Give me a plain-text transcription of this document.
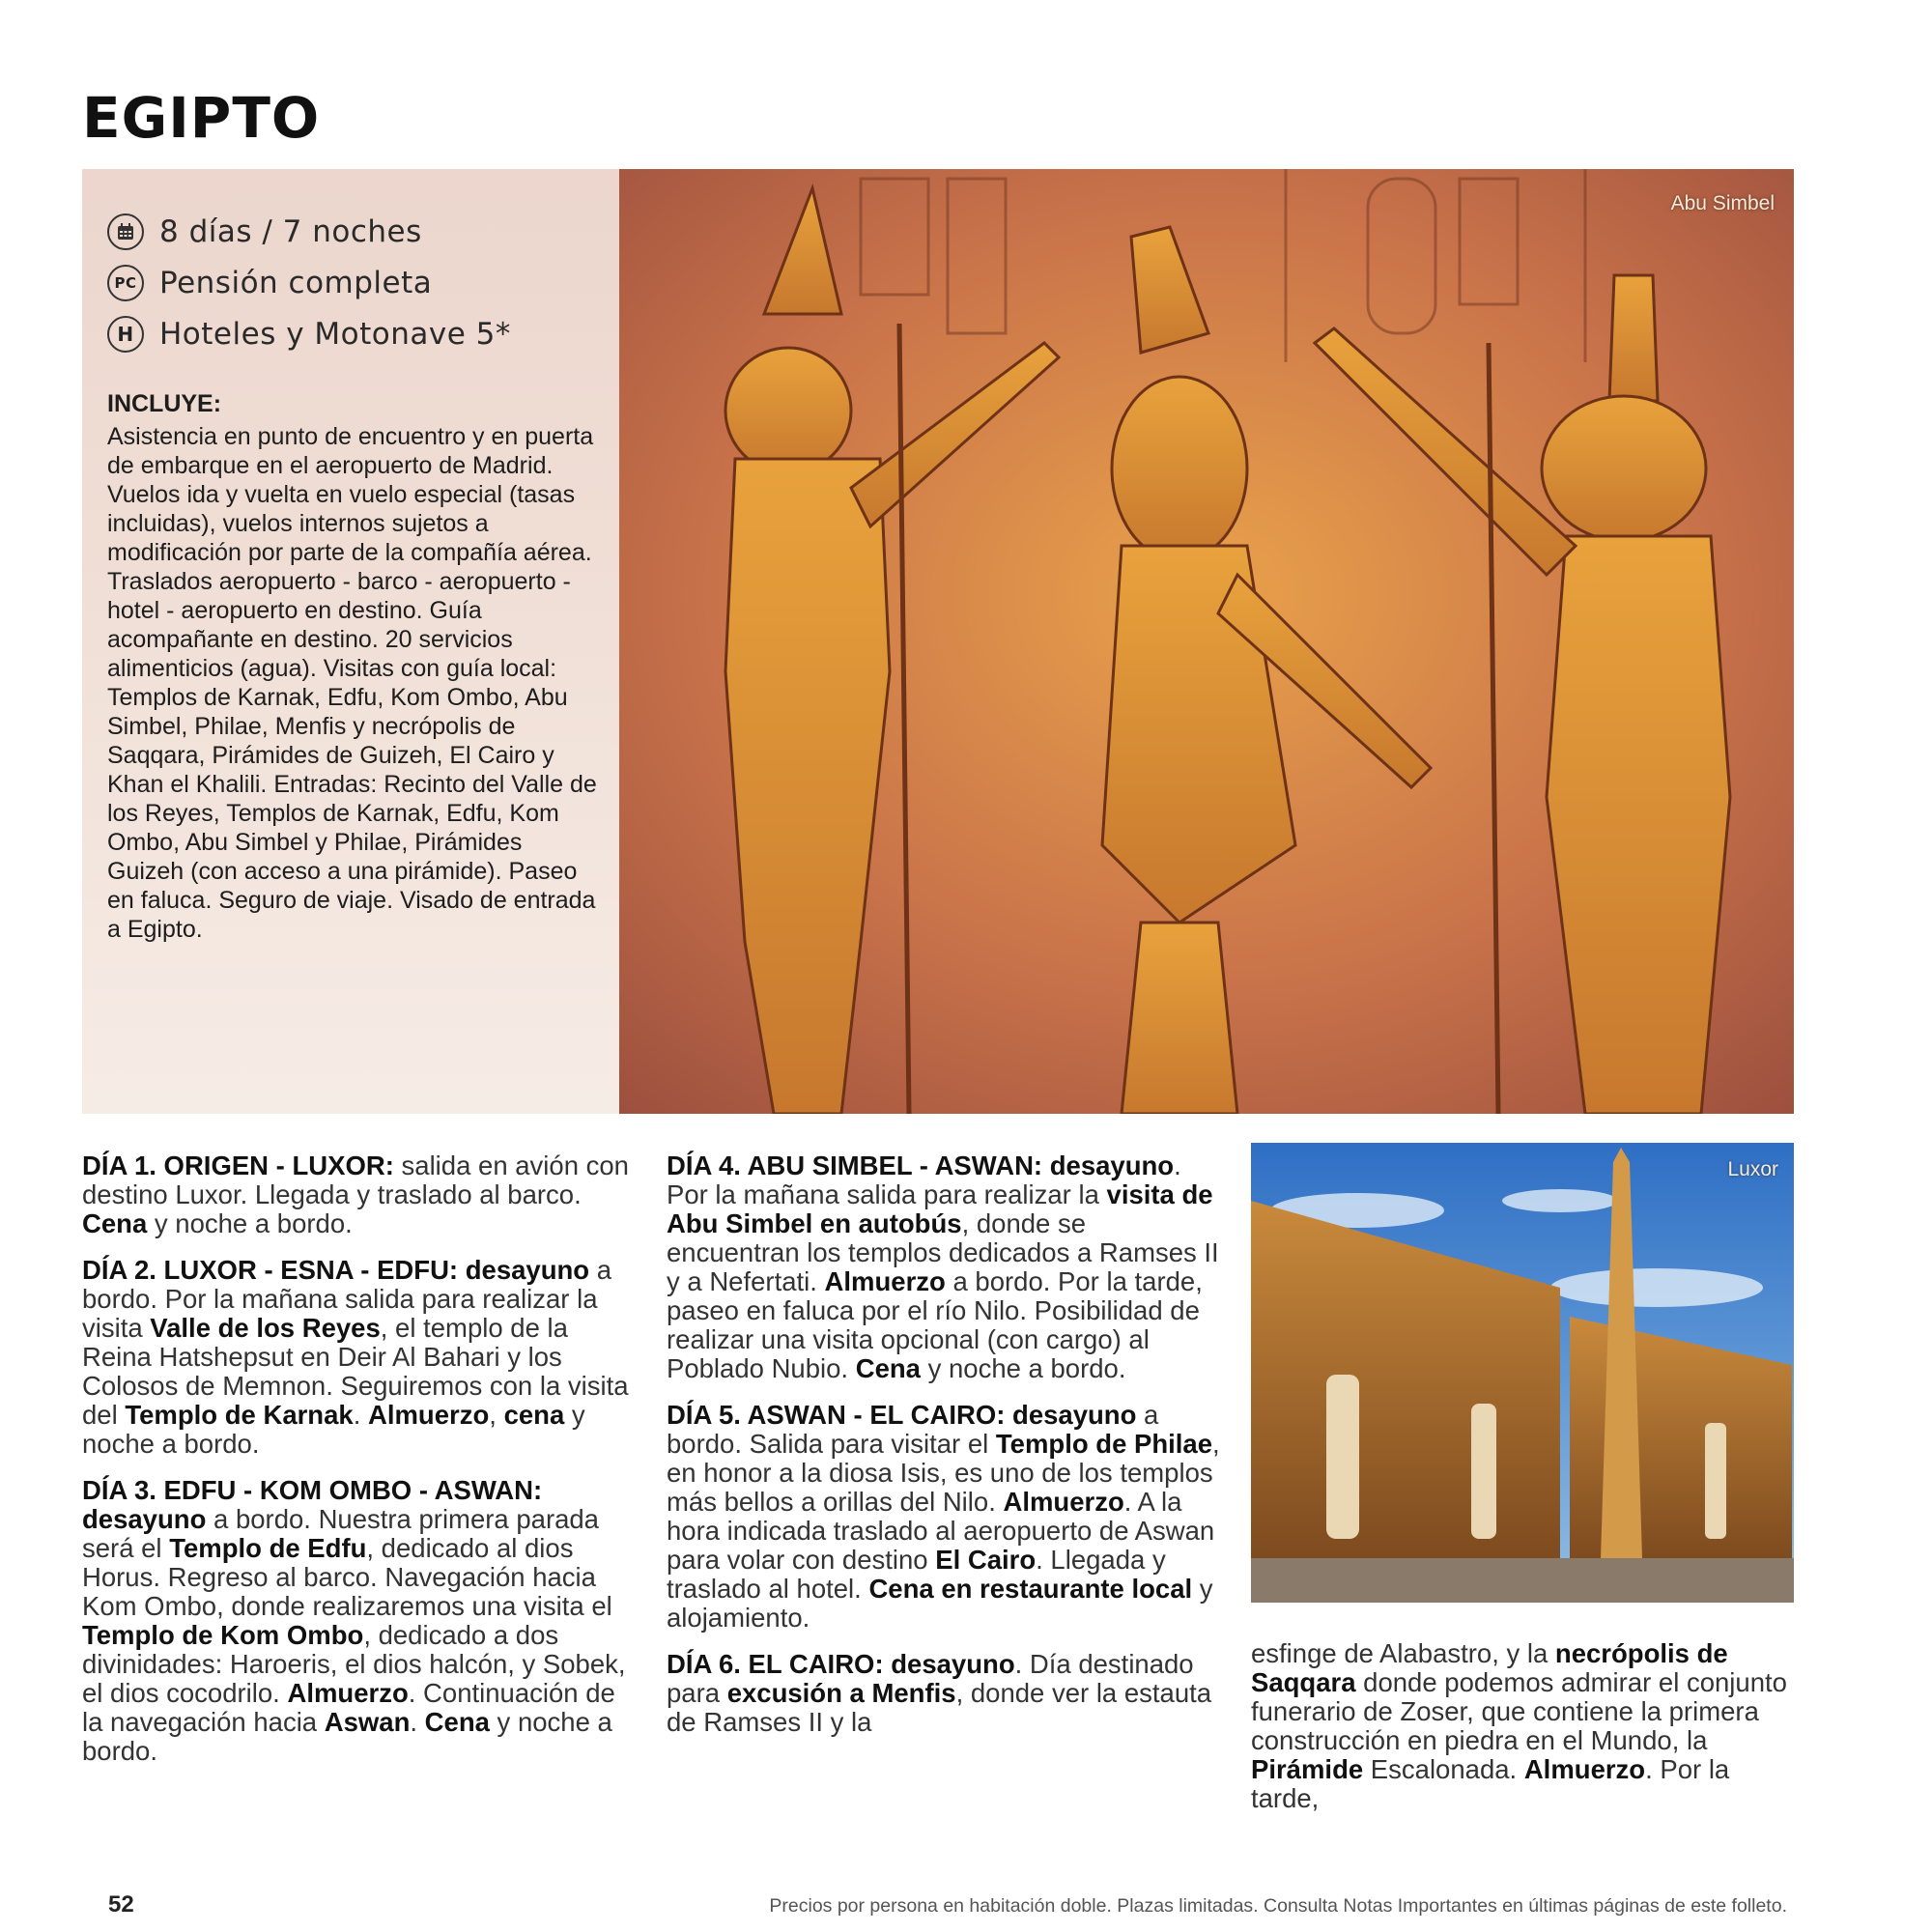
EGIPTO
8 días / 7 noches
PC Pensión completa
H Hoteles y Motonave 5*
INCLUYE:

Asistencia en punto de encuentro y en puerta de embarque en el aeropuerto de Madrid. Vuelos ida y vuelta en vuelo especial (tasas incluidas), vuelos internos sujetos a modificación por parte de la compañía aérea. Traslados aeropuerto - barco - aeropuerto - hotel - aeropuerto en destino. Guía acompañante en destino. 20 servicios alimenticios (agua). Visitas con guía local: Templos de Karnak, Edfu, Kom Ombo, Abu Simbel, Philae, Menfis y necrópolis de Saqqara, Pirámides de Guizeh, El Cairo y Khan el Khalili. Entradas: Recinto del Valle de los Reyes, Templos de Karnak, Edfu, Kom Ombo, Abu Simbel y Philae, Pirámides Guizeh (con acceso a una pirámide). Paseo en faluca. Seguro de viaje. Visado de entrada a Egipto.

Abu Simbel

DÍA 1. ORIGEN - LUXOR: salida en avión con destino Luxor. Llegada y traslado al barco. Cena y noche a bordo.

DÍA 2. LUXOR - ESNA - EDFU: desayuno a bordo. Por la mañana salida para realizar la visita Valle de los Reyes, el templo de la Reina Hatshepsut en Deir Al Bahari y los Colosos de Memnon. Seguiremos con la visita del Templo de Karnak. Almuerzo, cena y noche a bordo.

DÍA 3. EDFU - KOM OMBO - ASWAN: desayuno a bordo. Nuestra primera parada será el Templo de Edfu, dedicado al dios Horus. Regreso al barco. Navegación hacia Kom Ombo, donde realizaremos una visita el Templo de Kom Ombo, dedicado a dos divinidades: Haroeris, el dios halcón, y Sobek, el dios cocodrilo. Almuerzo. Continuación de la navegación hacia Aswan. Cena y noche a bordo.

DÍA 4. ABU SIMBEL - ASWAN: desayuno. Por la mañana salida para realizar la visita de Abu Simbel en autobús, donde se encuentran los templos dedicados a Ramses II y a Nefertati. Almuerzo a bordo. Por la tarde, paseo en faluca por el río Nilo. Posibilidad de realizar una visita opcional (con cargo) al Poblado Nubio. Cena y noche a bordo.

DÍA 5. ASWAN - EL CAIRO: desayuno a bordo. Salida para visitar el Templo de Philae, en honor a la diosa Isis, es uno de los templos más bellos a orillas del Nilo. Almuerzo. A la hora indicada traslado al aeropuerto de Aswan para volar con destino El Cairo. Llegada y traslado al hotel. Cena en restaurante local y alojamiento.

DÍA 6. EL CAIRO: desayuno. Día destinado para excusión a Menfis, donde ver la estauta de Ramses II y la

Luxor

esfinge de Alabastro, y la necrópolis de Saqqara donde podemos admirar el conjunto funerario de Zoser, que contiene la primera construcción en piedra en el Mundo, la Pirámide Escalonada. Almuerzo. Por la tarde,

52	Precios por persona en habitación doble. Plazas limitadas. Consulta Notas Importantes en últimas páginas de este folleto.
